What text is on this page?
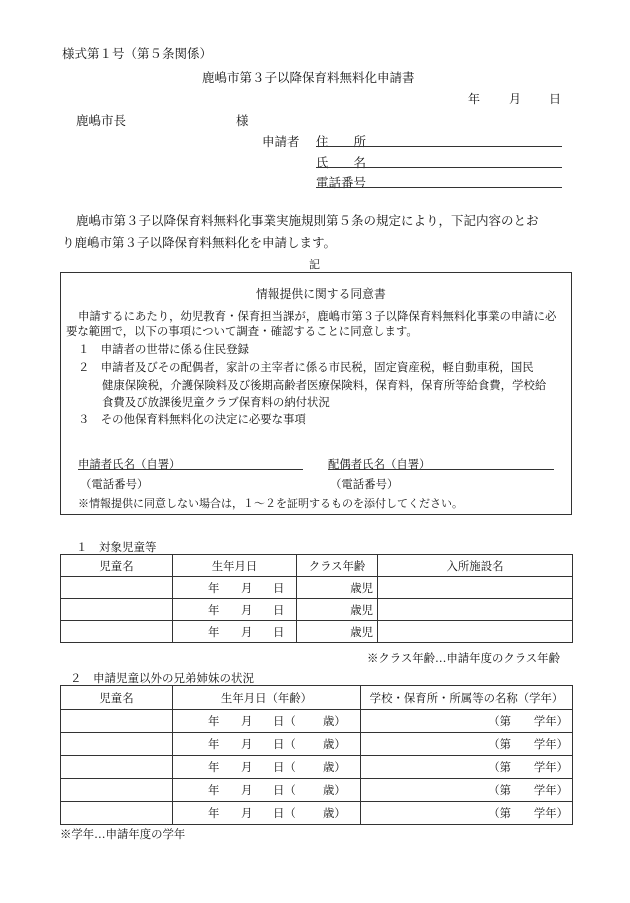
様式第１号（第５条関係）
鹿嶋市第３子以降保育料無料化申請書
年 月 日
鹿嶋市長	様
申請者 住　　所
氏　　名
電話番号
鹿嶋市第３子以降保育料無料化事業実施規則第５条の規定により，下記内容のとお
り鹿嶋市第３子以降保育料無料化を申請します。
記
情報提供に関する同意書
申請するにあたり，幼児教育・保育担当課が，鹿嶋市第３子以降保育料無料化事業の申請に必
要な範囲で，以下の事項について調査・確認することに同意します。
１　申請者の世帯に係る住民登録
２　申請者及びその配偶者，家計の主宰者に係る市民税，固定資産税，軽自動車税，国民
健康保険税，介護保険料及び後期高齢者医療保険料，保育料，保育所等給食費，学校給
食費及び放課後児童クラブ保育料の納付状況
３　その他保育料無料化の決定に必要な事項
申請者氏名（自署）	配偶者氏名（自署）
（電話番号）	（電話番号）
※情報提供に同意しない場合は，１～２を証明するものを添付してください。
１　対象児童等
児童名	生年月日	クラス年齢	入所施設名

	年 月 日	歳児	

	年 月 日	歳児	

	年 月 日	歳児	
※クラス年齢…申請年度のクラス年齢
２　申請児童以外の兄弟姉妹の状況
児童名	生年月日（年齢）	学校・保育所・所属等の名称（学年）

	年 月 日（ 歳）	（第　　学年）

	年 月 日（ 歳）	（第　　学年）

	年 月 日（ 歳）	（第　　学年）

	年 月 日（ 歳）	（第　　学年）

	年 月 日（ 歳）	（第　　学年）
※学年…申請年度の学年
